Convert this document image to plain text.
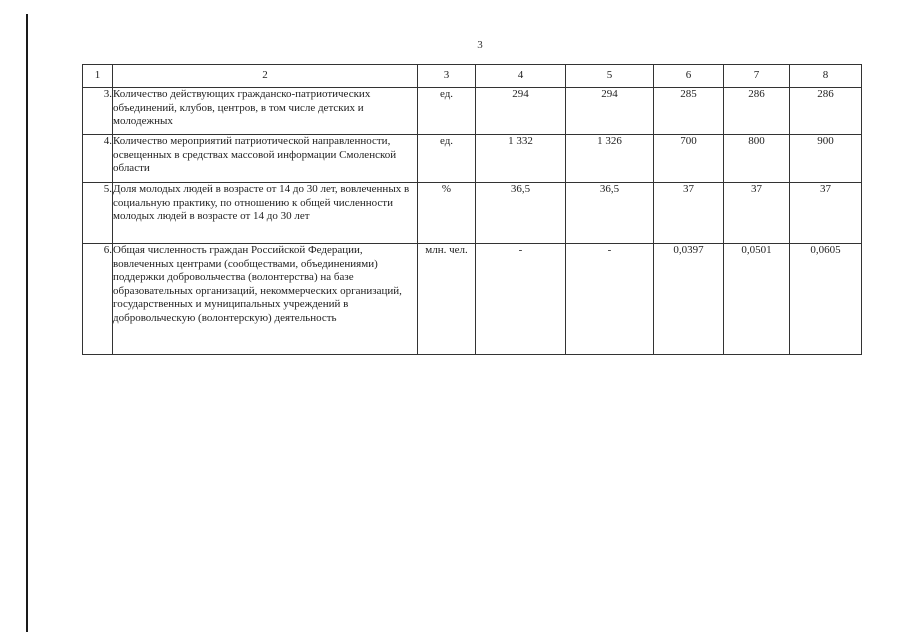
3
1	2	3	4	5	6	7	8
3.	Количество действующих гражданско-патриотических объединений, клубов, центров, в том числе детских и молодежных	ед.	294	294	285	286	286
4.	Количество мероприятий патриотической направленности, освещенных в средствах массовой информации Смоленской области	ед.	1 332	1 326	700	800	900
5.	Доля молодых людей в возрасте от 14 до 30 лет, вовлеченных в социальную практику, по отношению к общей численности молодых людей в возрасте от 14 до 30 лет	%	36,5	36,5	37	37	37
6.	Общая численность граждан Российской Федерации, вовлеченных центрами (сообществами, объединениями) поддержки добровольчества (волонтерства) на базе образовательных организаций, некоммерческих организаций, государственных и муниципальных учреждений в добровольческую (волонтерскую) деятельность	млн. чел.	-	-	0,0397	0,0501	0,0605
